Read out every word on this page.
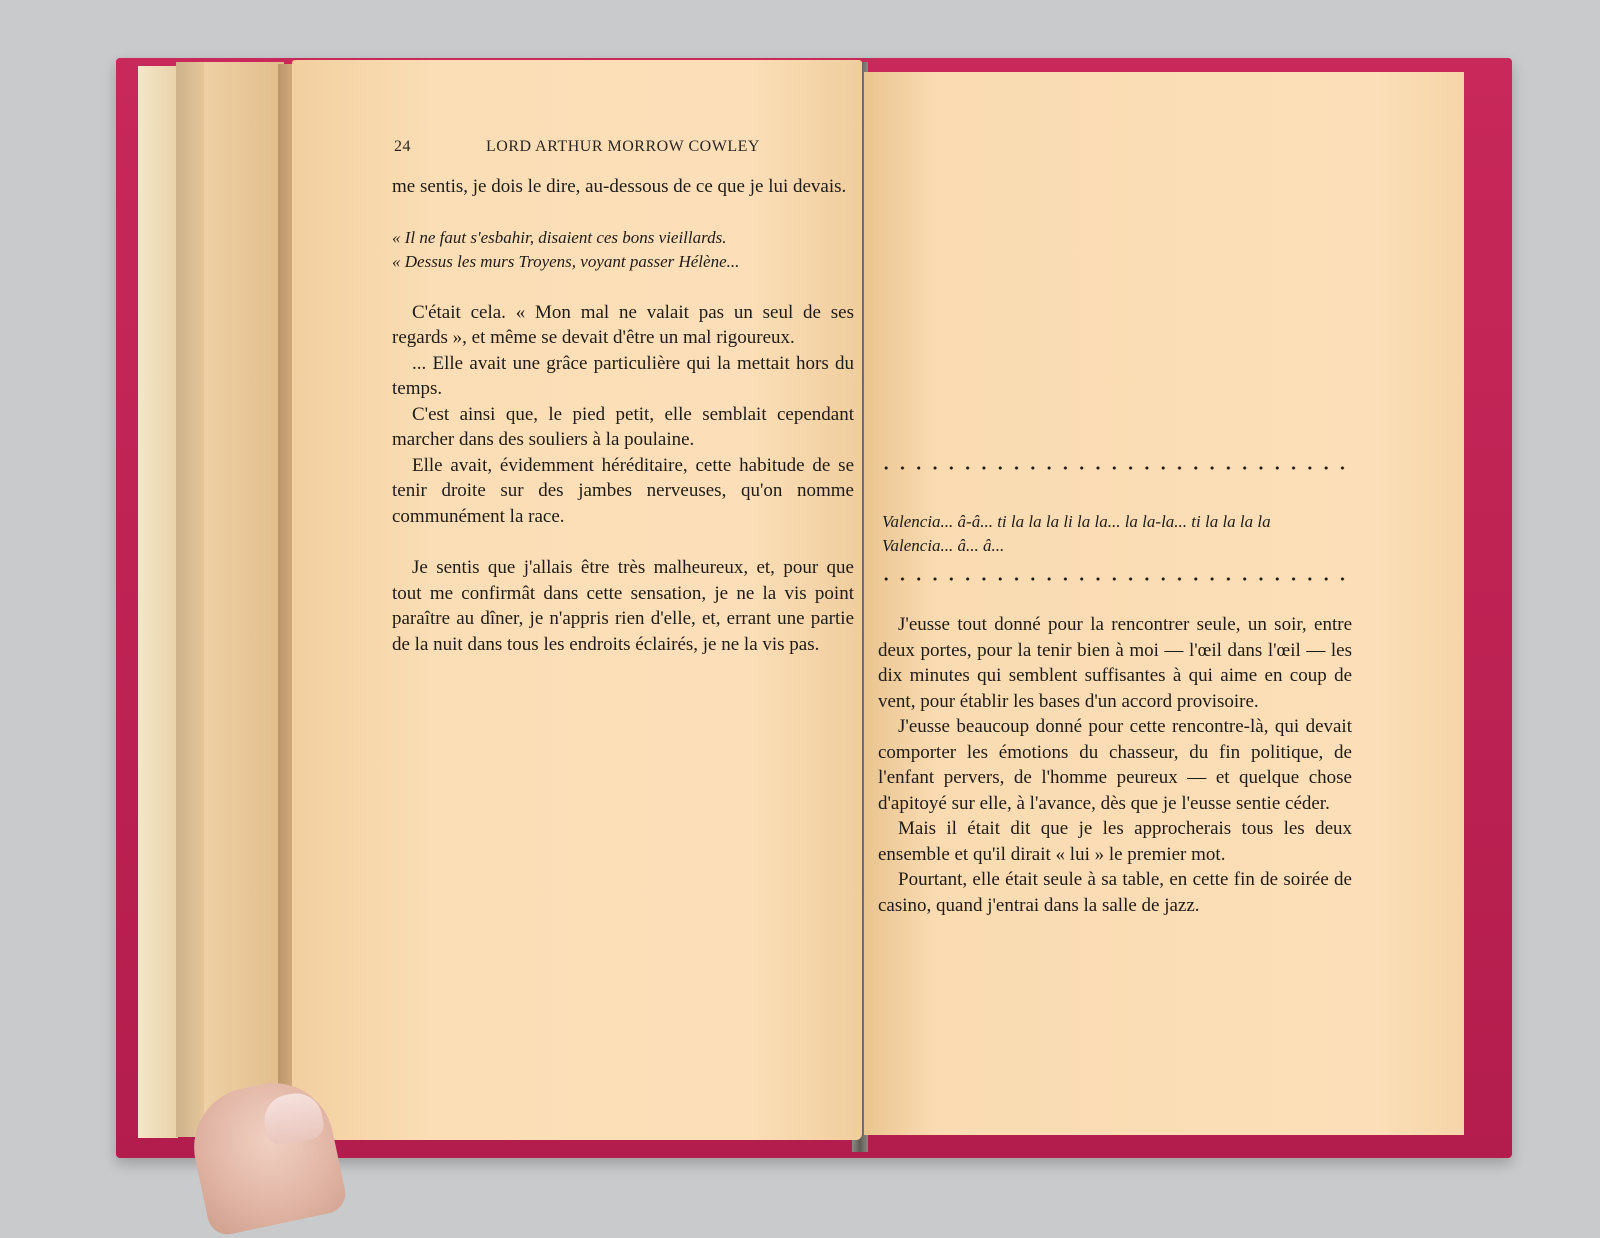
24	LORD ARTHUR MORROW COWLEY

me sentis, je dois le dire, au-dessous de ce que je lui devais.

« Il ne faut s'esbahir, disaient ces bons vieillards.

« Dessus les murs Troyens, voyant passer Hélène...

C'était cela. « Mon mal ne valait pas un seul de ses regards », et même se devait d'être un mal rigoureux.

... Elle avait une grâce particulière qui la mettait hors du temps.

C'est ainsi que, le pied petit, elle semblait cependant marcher dans des souliers à la poulaine.

Elle avait, évidemment héréditaire, cette habitude de se tenir droite sur des jambes nerveuses, qu'on nomme communément la race.

Je sentis que j'allais être très malheureux, et, pour que tout me confirmât dans cette sensation, je ne la vis point paraître au dîner, je n'appris rien d'elle, et, errant une partie de la nuit dans tous les endroits éclairés, je ne la vis pas.

Valencia... â-â... ti la la la li la la... la la-la... ti la la la la
Valencia... â... â...

J'eusse tout donné pour la rencontrer seule, un soir, entre deux portes, pour la tenir bien à moi — l'œil dans l'œil — les dix minutes qui semblent suffisantes à qui aime en coup de vent, pour établir les bases d'un accord provisoire.

J'eusse beaucoup donné pour cette rencontre-là, qui devait comporter les émotions du chasseur, du fin politique, de l'enfant pervers, de l'homme peureux — et quelque chose d'apitoyé sur elle, à l'avance, dès que je l'eusse sentie céder.

Mais il était dit que je les approcherais tous les deux ensemble et qu'il dirait « lui » le premier mot.

Pourtant, elle était seule à sa table, en cette fin de soirée de casino, quand j'entrai dans la salle de jazz.
